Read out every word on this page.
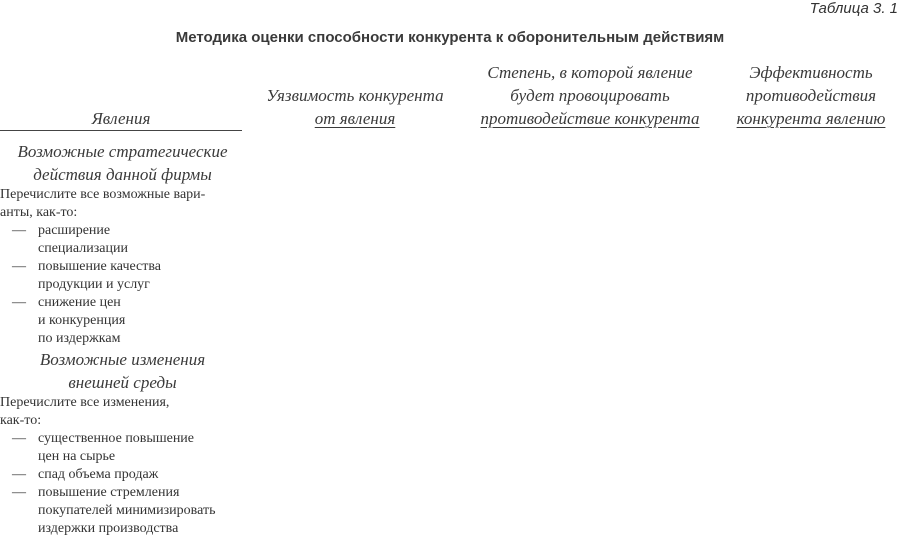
Таблица 3. 1
Методика оценки способности конкурента к оборонительным действиям
Явления
Уязвимость конкурента
от явления
Степень, в которой явление
будет провоцировать
противодействие конкурента
Эффективность
противодействия
конкурента явлению
Возможные стратегические
действия данной фирмы
Перечислите все возможные вари-
анты, как-то:
— расширение
специализации
— повышение качества
продукции и услуг
— снижение цен
и конкуренция
по издержкам
Возможные изменения
внешней среды
Перечислите все изменения,
как-то:
— существенное повышение
цен на сырье
— спад объема продаж
— повышение стремления
покупателей минимизировать
издержки производства
